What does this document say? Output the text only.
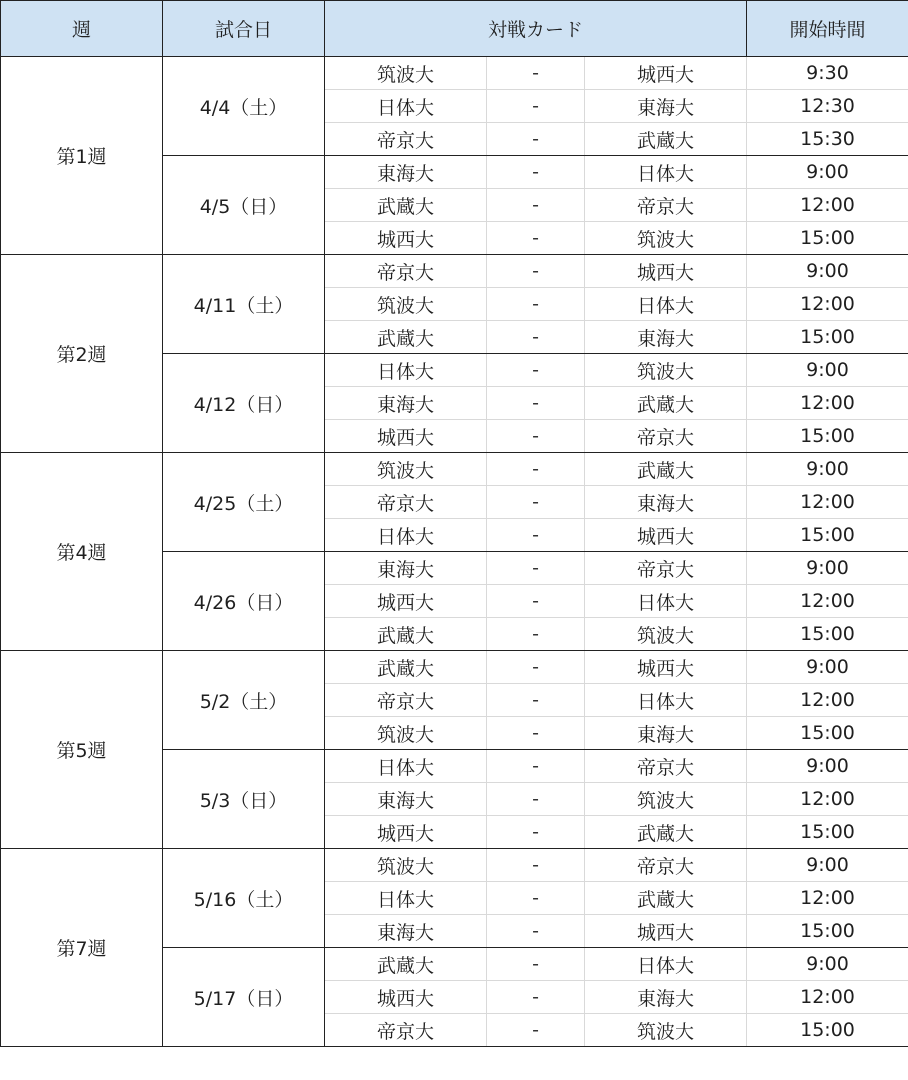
週	試合日	対戦カード			開始時間
第1週	4/4（土）	筑波大	-	城西大	9:30
		日体大	-	東海大	12:30
		帝京大	-	武蔵大	15:30
	4/5（日）	東海大	-	日体大	9:00
		武蔵大	-	帝京大	12:00
		城西大	-	筑波大	15:00
第2週	4/11（土）	帝京大	-	城西大	9:00
		筑波大	-	日体大	12:00
		武蔵大	-	東海大	15:00
	4/12（日）	日体大	-	筑波大	9:00
		東海大	-	武蔵大	12:00
		城西大	-	帝京大	15:00
第4週	4/25（土）	筑波大	-	武蔵大	9:00
		帝京大	-	東海大	12:00
		日体大	-	城西大	15:00
	4/26（日）	東海大	-	帝京大	9:00
		城西大	-	日体大	12:00
		武蔵大	-	筑波大	15:00
第5週	5/2（土）	武蔵大	-	城西大	9:00
		帝京大	-	日体大	12:00
		筑波大	-	東海大	15:00
	5/3（日）	日体大	-	帝京大	9:00
		東海大	-	筑波大	12:00
		城西大	-	武蔵大	15:00
第7週	5/16（土）	筑波大	-	帝京大	9:00
		日体大	-	武蔵大	12:00
		東海大	-	城西大	15:00
	5/17（日）	武蔵大	-	日体大	9:00
		城西大	-	東海大	12:00
		帝京大	-	筑波大	15:00
